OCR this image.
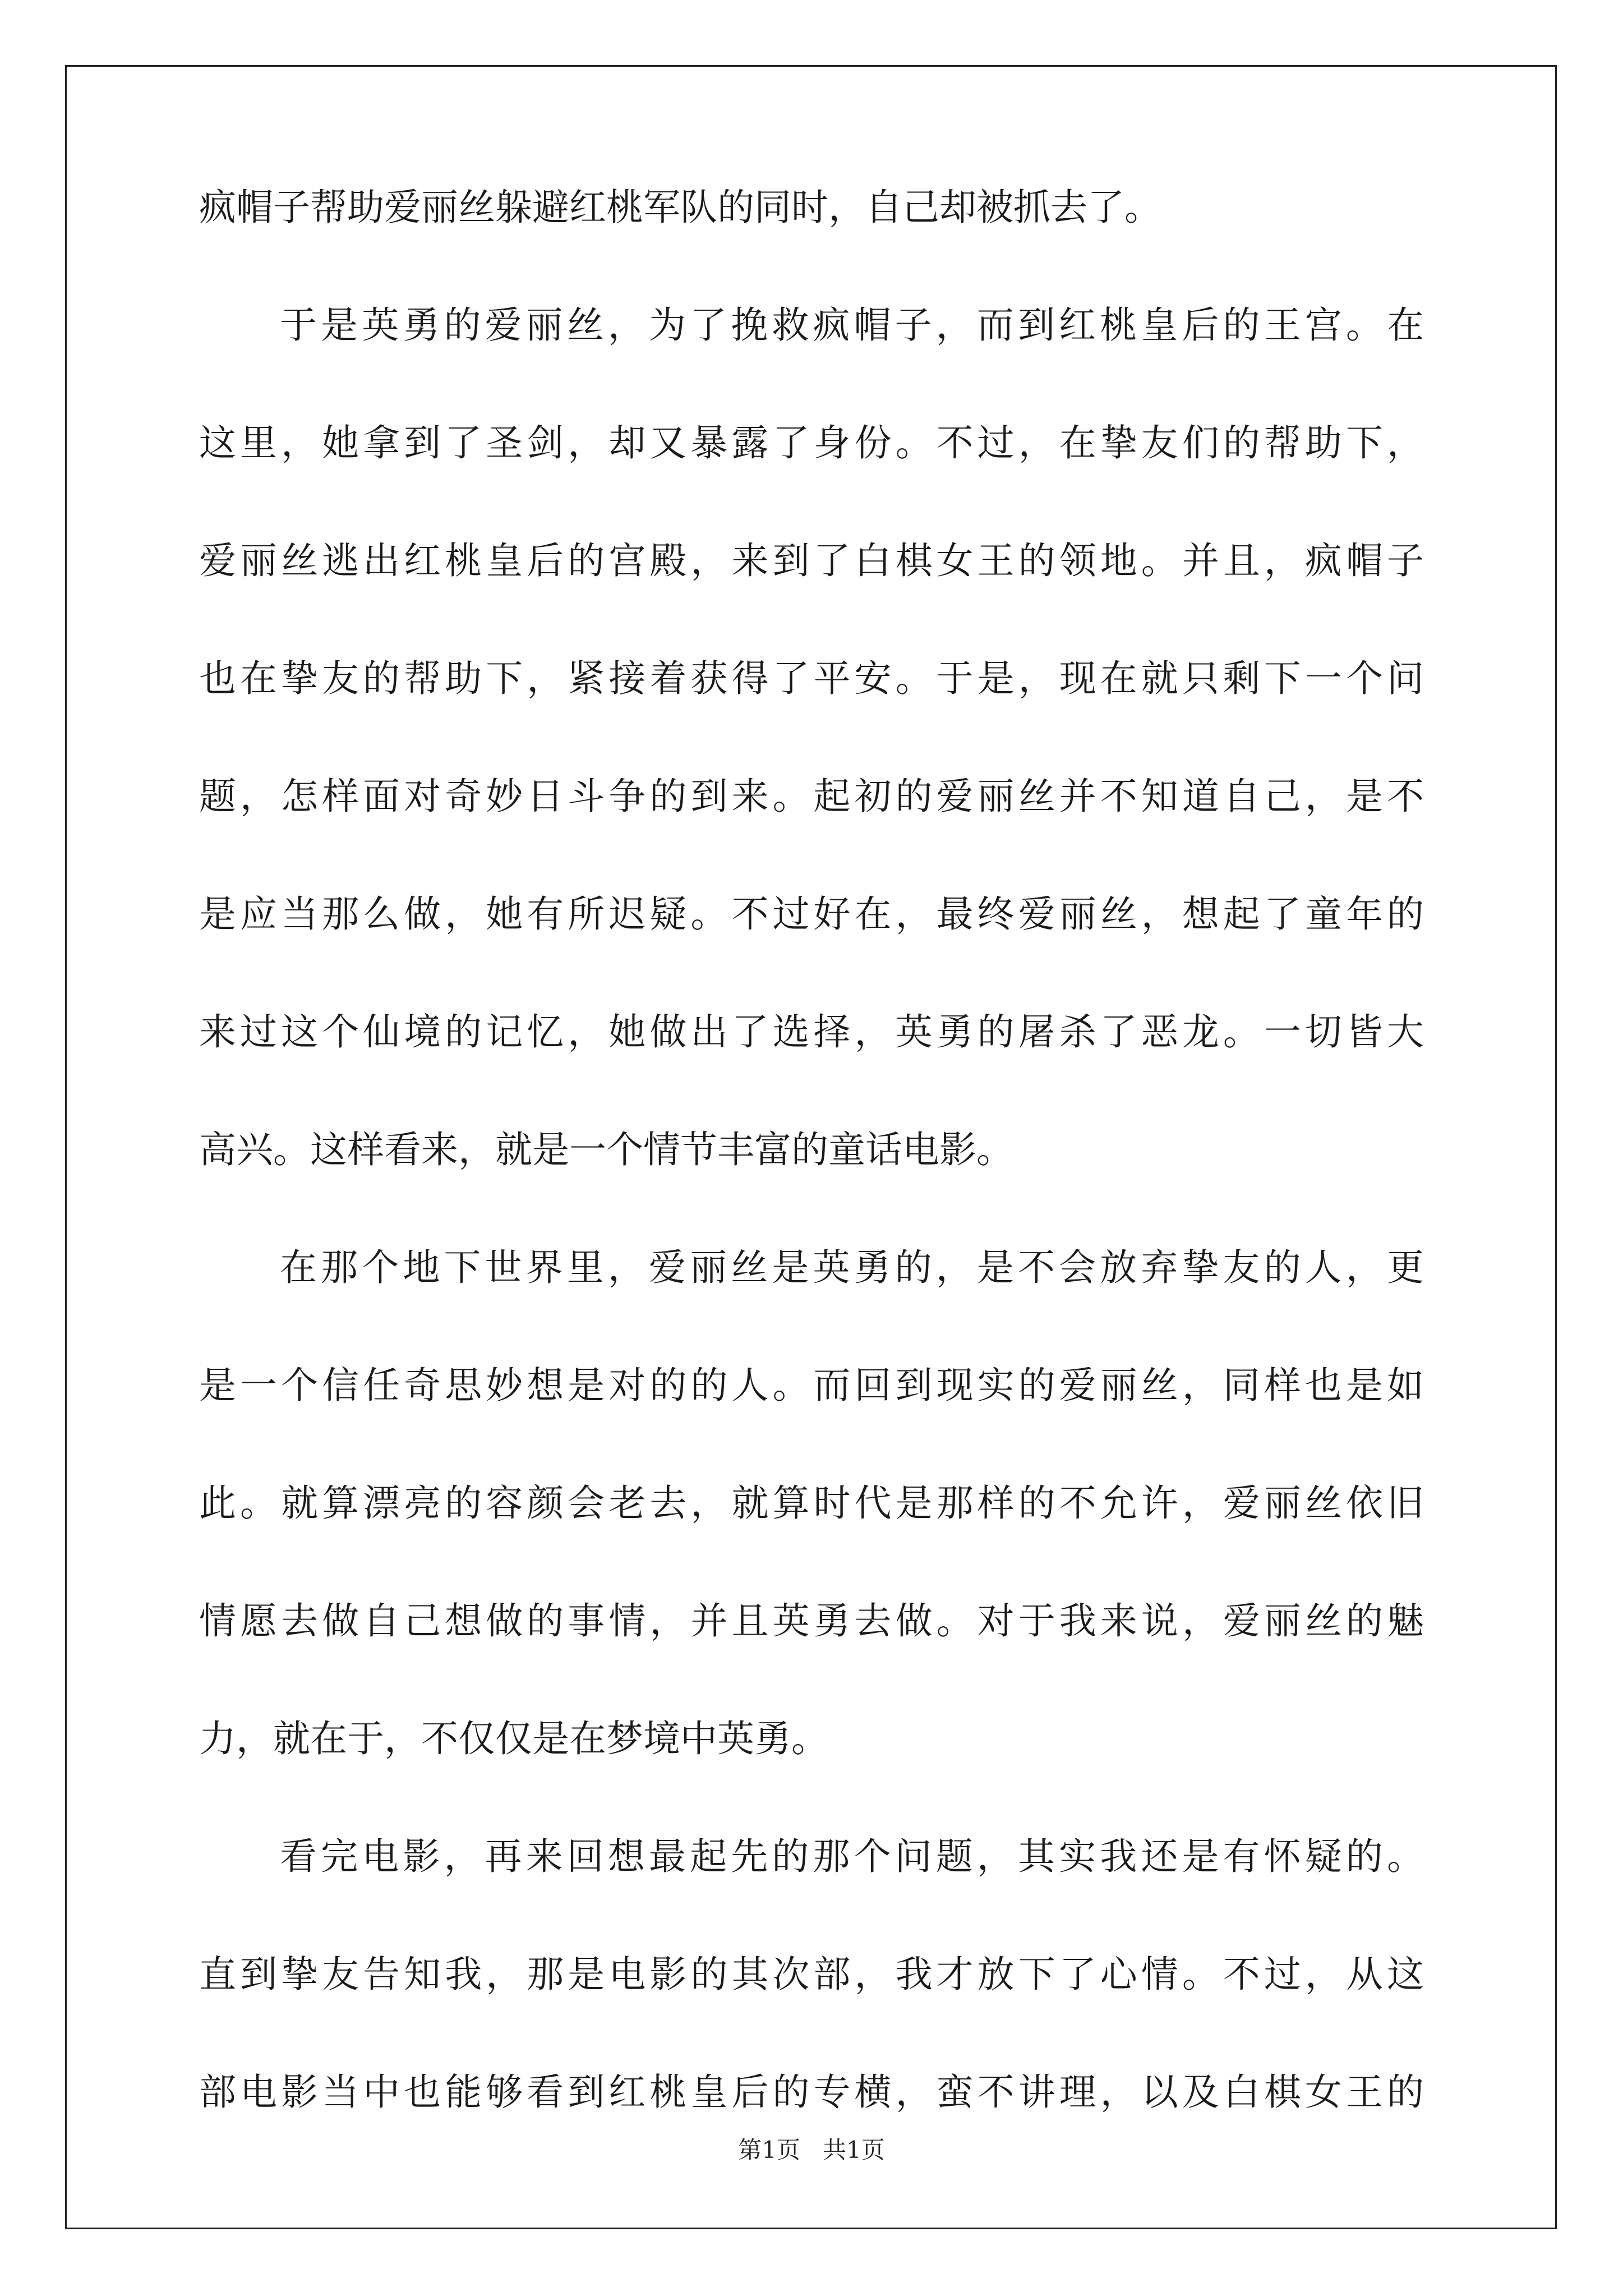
疯帽子帮助爱丽丝躲避红桃军队的同时，自己却被抓去了。
于是英勇的爱丽丝，为了挽救疯帽子，而到红桃皇后的王宫。在
这里，她拿到了圣剑，却又暴露了身份。不过，在挚友们的帮助下，
爱丽丝逃出红桃皇后的宫殿，来到了白棋女王的领地。并且，疯帽子
也在挚友的帮助下，紧接着获得了平安。于是，现在就只剩下一个问
题，怎样面对奇妙日斗争的到来。起初的爱丽丝并不知道自己，是不
是应当那么做，她有所迟疑。不过好在，最终爱丽丝，想起了童年的
来过这个仙境的记忆，她做出了选择，英勇的屠杀了恶龙。一切皆大
高兴。这样看来，就是一个情节丰富的童话电影。
在那个地下世界里，爱丽丝是英勇的，是不会放弃挚友的人，更
是一个信任奇思妙想是对的的人。而回到现实的爱丽丝，同样也是如
此。就算漂亮的容颜会老去，就算时代是那样的不允许，爱丽丝依旧
情愿去做自己想做的事情，并且英勇去做。对于我来说，爱丽丝的魅
力，就在于，不仅仅是在梦境中英勇。
看完电影，再来回想最起先的那个问题，其实我还是有怀疑的。
直到挚友告知我，那是电影的其次部，我才放下了心情。不过，从这
部电影当中也能够看到红桃皇后的专横，蛮不讲理，以及白棋女王的
第1页 共1页
